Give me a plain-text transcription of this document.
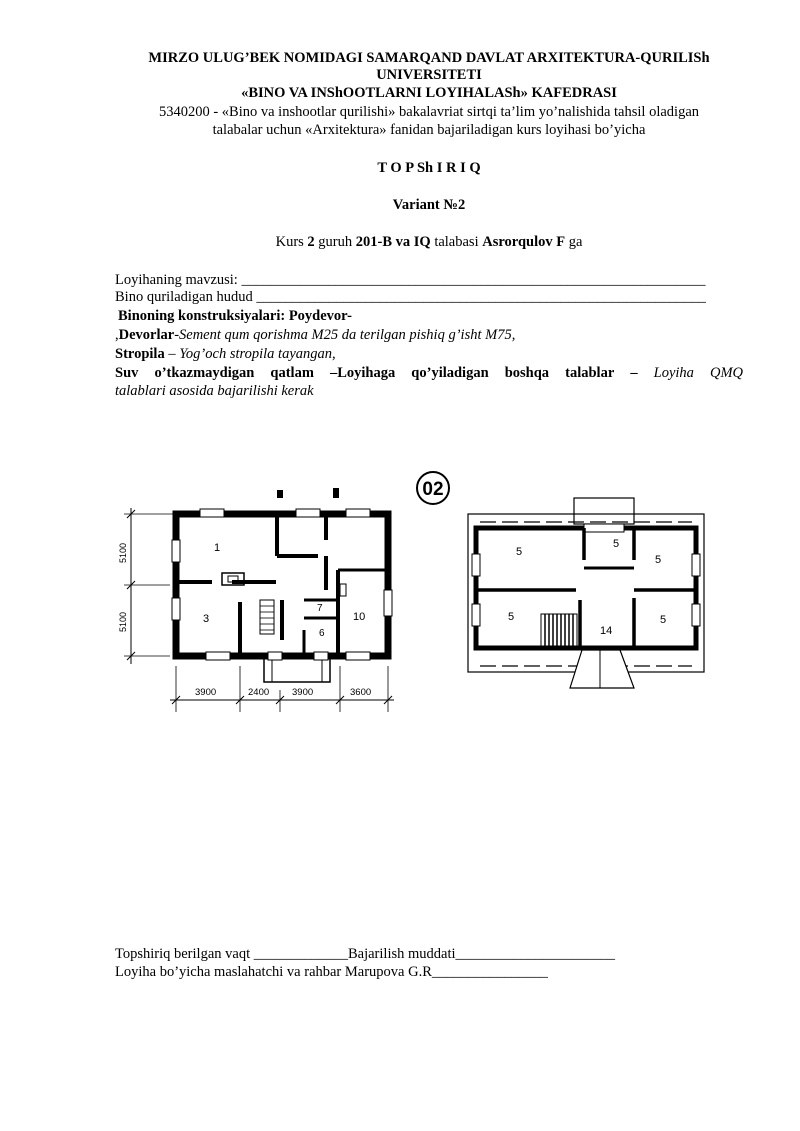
MIRZO ULUG’BEK NOMIDAGI SAMARQAND DAVLAT ARXITEKTURA-QURILISh
UNIVERSITETI
«BINO VA INShOOTLARNI LOYIHALASh» KAFEDRASI
5340200 - «Bino va inshootlar qurilishi» bakalavriat sirtqi ta’lim yo’nalishida tahsil oladigan
talabalar uchun «Arxitektura» fanidan bajariladigan kurs loyihasi bo’yicha
T O P Sh I R I Q
Variant №2
Kurs 2 guruh 201-B va IQ talabasi Asrorqulov F ga
Loyihaning mavzusi: ________________________________________________________________
Bino quriladigan hudud ______________________________________________________________
Binoning konstruksiyalari: Poydevor-
,Devorlar-Sement qum qorishma M25 da terilgan pishiq g’isht M75,
Stropila – Yog’och stropila tayangan,
Suv o’tkazmaydigan qatlam –Loyihaga qo’yiladigan boshqa talablar – Loyiha QMQ
talablari asosida bajarilishi kerak
02
1
3
7
6
10
5100
5100
3900	2400 3900	3600
5
5
5
5
14
5
Topshiriq berilgan vaqt _____________Bajarilish muddati______________________
Loyiha bo’yicha maslahatchi va rahbar Marupova G.R________________
